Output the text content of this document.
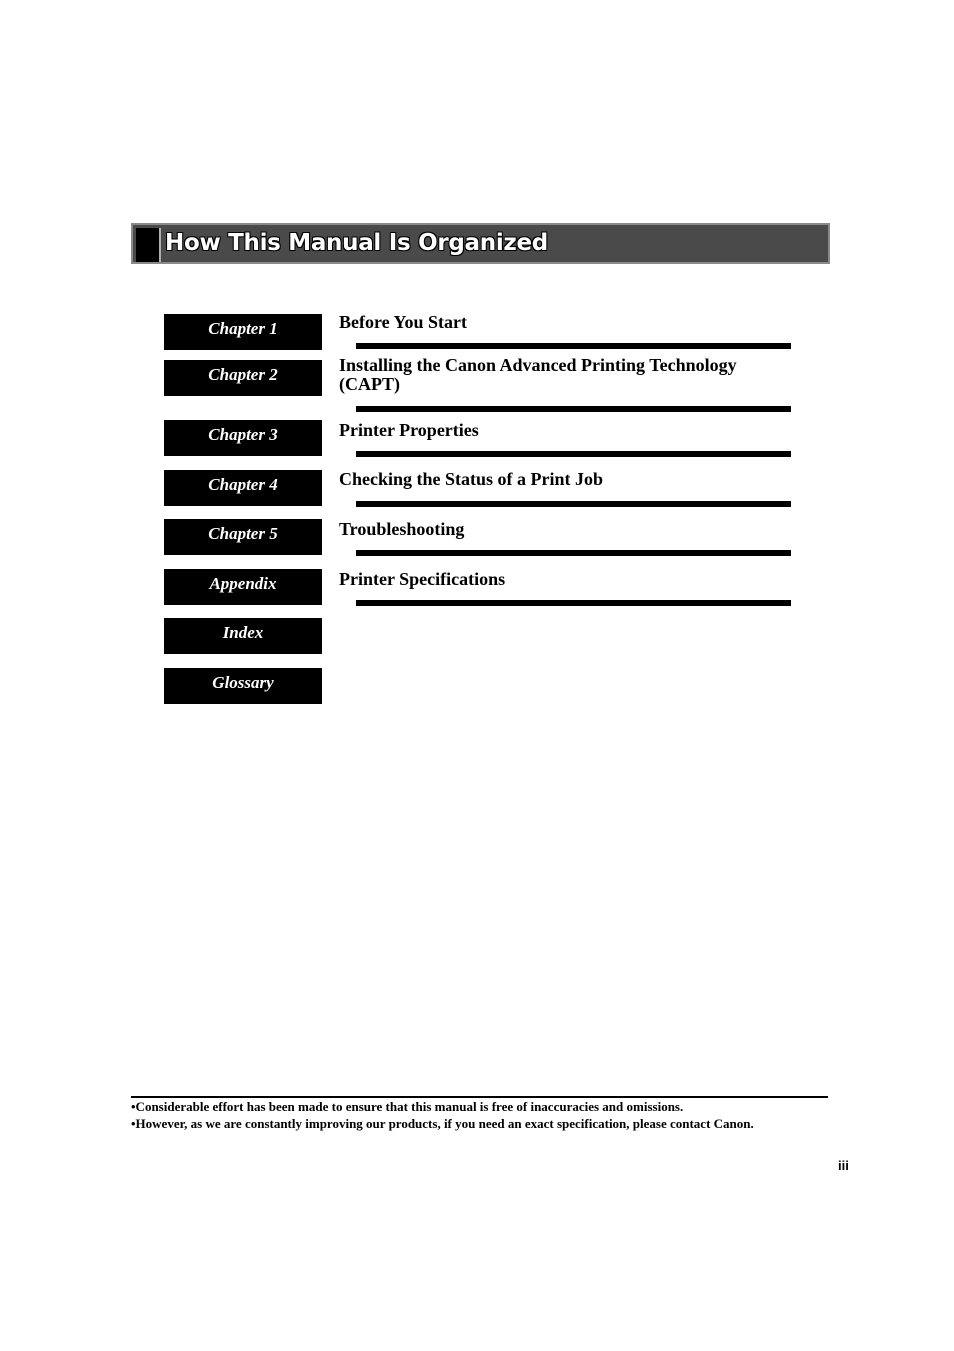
How This Manual Is Organized
Chapter 1
Chapter 2
Chapter 3
Chapter 4
Chapter 5
Appendix
Index
Glossary
Before You Start
Installing the Canon Advanced Printing Technology (CAPT)
Printer Properties
Checking the Status of a Print Job
Troubleshooting
Printer Specifications
•Considerable effort has been made to ensure that this manual is free of inaccuracies and omissions.
•However, as we are constantly improving our products, if you need an exact specification, please contact Canon.
iii
